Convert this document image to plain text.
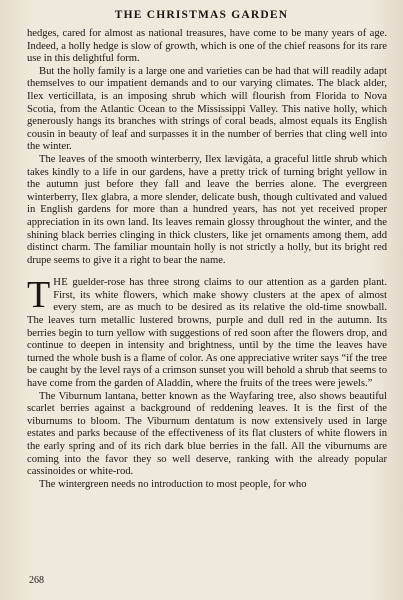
THE CHRISTMAS GARDEN

hedges, cared for almost as national treasures, have come to be many years of age. Indeed, a holly hedge is slow of growth, which is one of the chief reasons for its rare use in this delightful form.

But the holly family is a large one and varieties can be had that will readily adapt themselves to our impatient demands and to our varying climates. The black alder, Ilex verticillata, is an imposing shrub which will flourish from Florida to Nova Scotia, from the Atlantic Ocean to the Mississippi Valley. This native holly, which generously hangs its branches with strings of coral beads, almost equals its English cousin in beauty of leaf and surpasses it in the number of berries that cling well into the winter.

The leaves of the smooth winterberry, Ilex lævigàta, a graceful little shrub which takes kindly to a life in our gardens, have a pretty trick of turning bright yellow in the autumn just before they fall and leave the berries alone. The evergreen winterberry, Ilex glabra, a more slender, delicate bush, though cultivated and valued in English gardens for more than a hundred years, has not yet received proper appreciation in its own land. Its leaves remain glossy throughout the winter, and the shining black berries clinging in thick clusters, like jet ornaments among them, add distinct charm. The familiar mountain holly is not strictly a holly, but its bright red drupe seems to give it a right to bear the name.

THE guelder-rose has three strong claims to our attention as a garden plant. First, its white flowers, which make showy clusters at the apex of almost every stem, are as much to be desired as its relative the old-time snowball. The leaves turn metallic lustered browns, purple and dull red in the autumn. Its berries begin to turn yellow with suggestions of red soon after the flowers drop, and continue to deepen in intensity and brightness, until by the time the leaves have turned the whole bush is a flame of color. As one appreciative writer says “if the tree be caught by the level rays of a crimson sunset you will behold a shrub that seems to have come from the garden of Aladdin, where the fruits of the trees were jewels.”

The Viburnum lantana, better known as the Wayfaring tree, also shows beautiful scarlet berries against a background of reddening leaves. It is the first of the viburnums to bloom. The Viburnum dentatum is now extensively used in large estates and parks because of the effectiveness of its flat clusters of white flowers in the early spring and of its rich dark blue berries in the fall. All the viburnums are coming into the favor they so well deserve, ranking with the already popular cassinoides or white-rod.

The wintergreen needs no introduction to most people, for who

268
